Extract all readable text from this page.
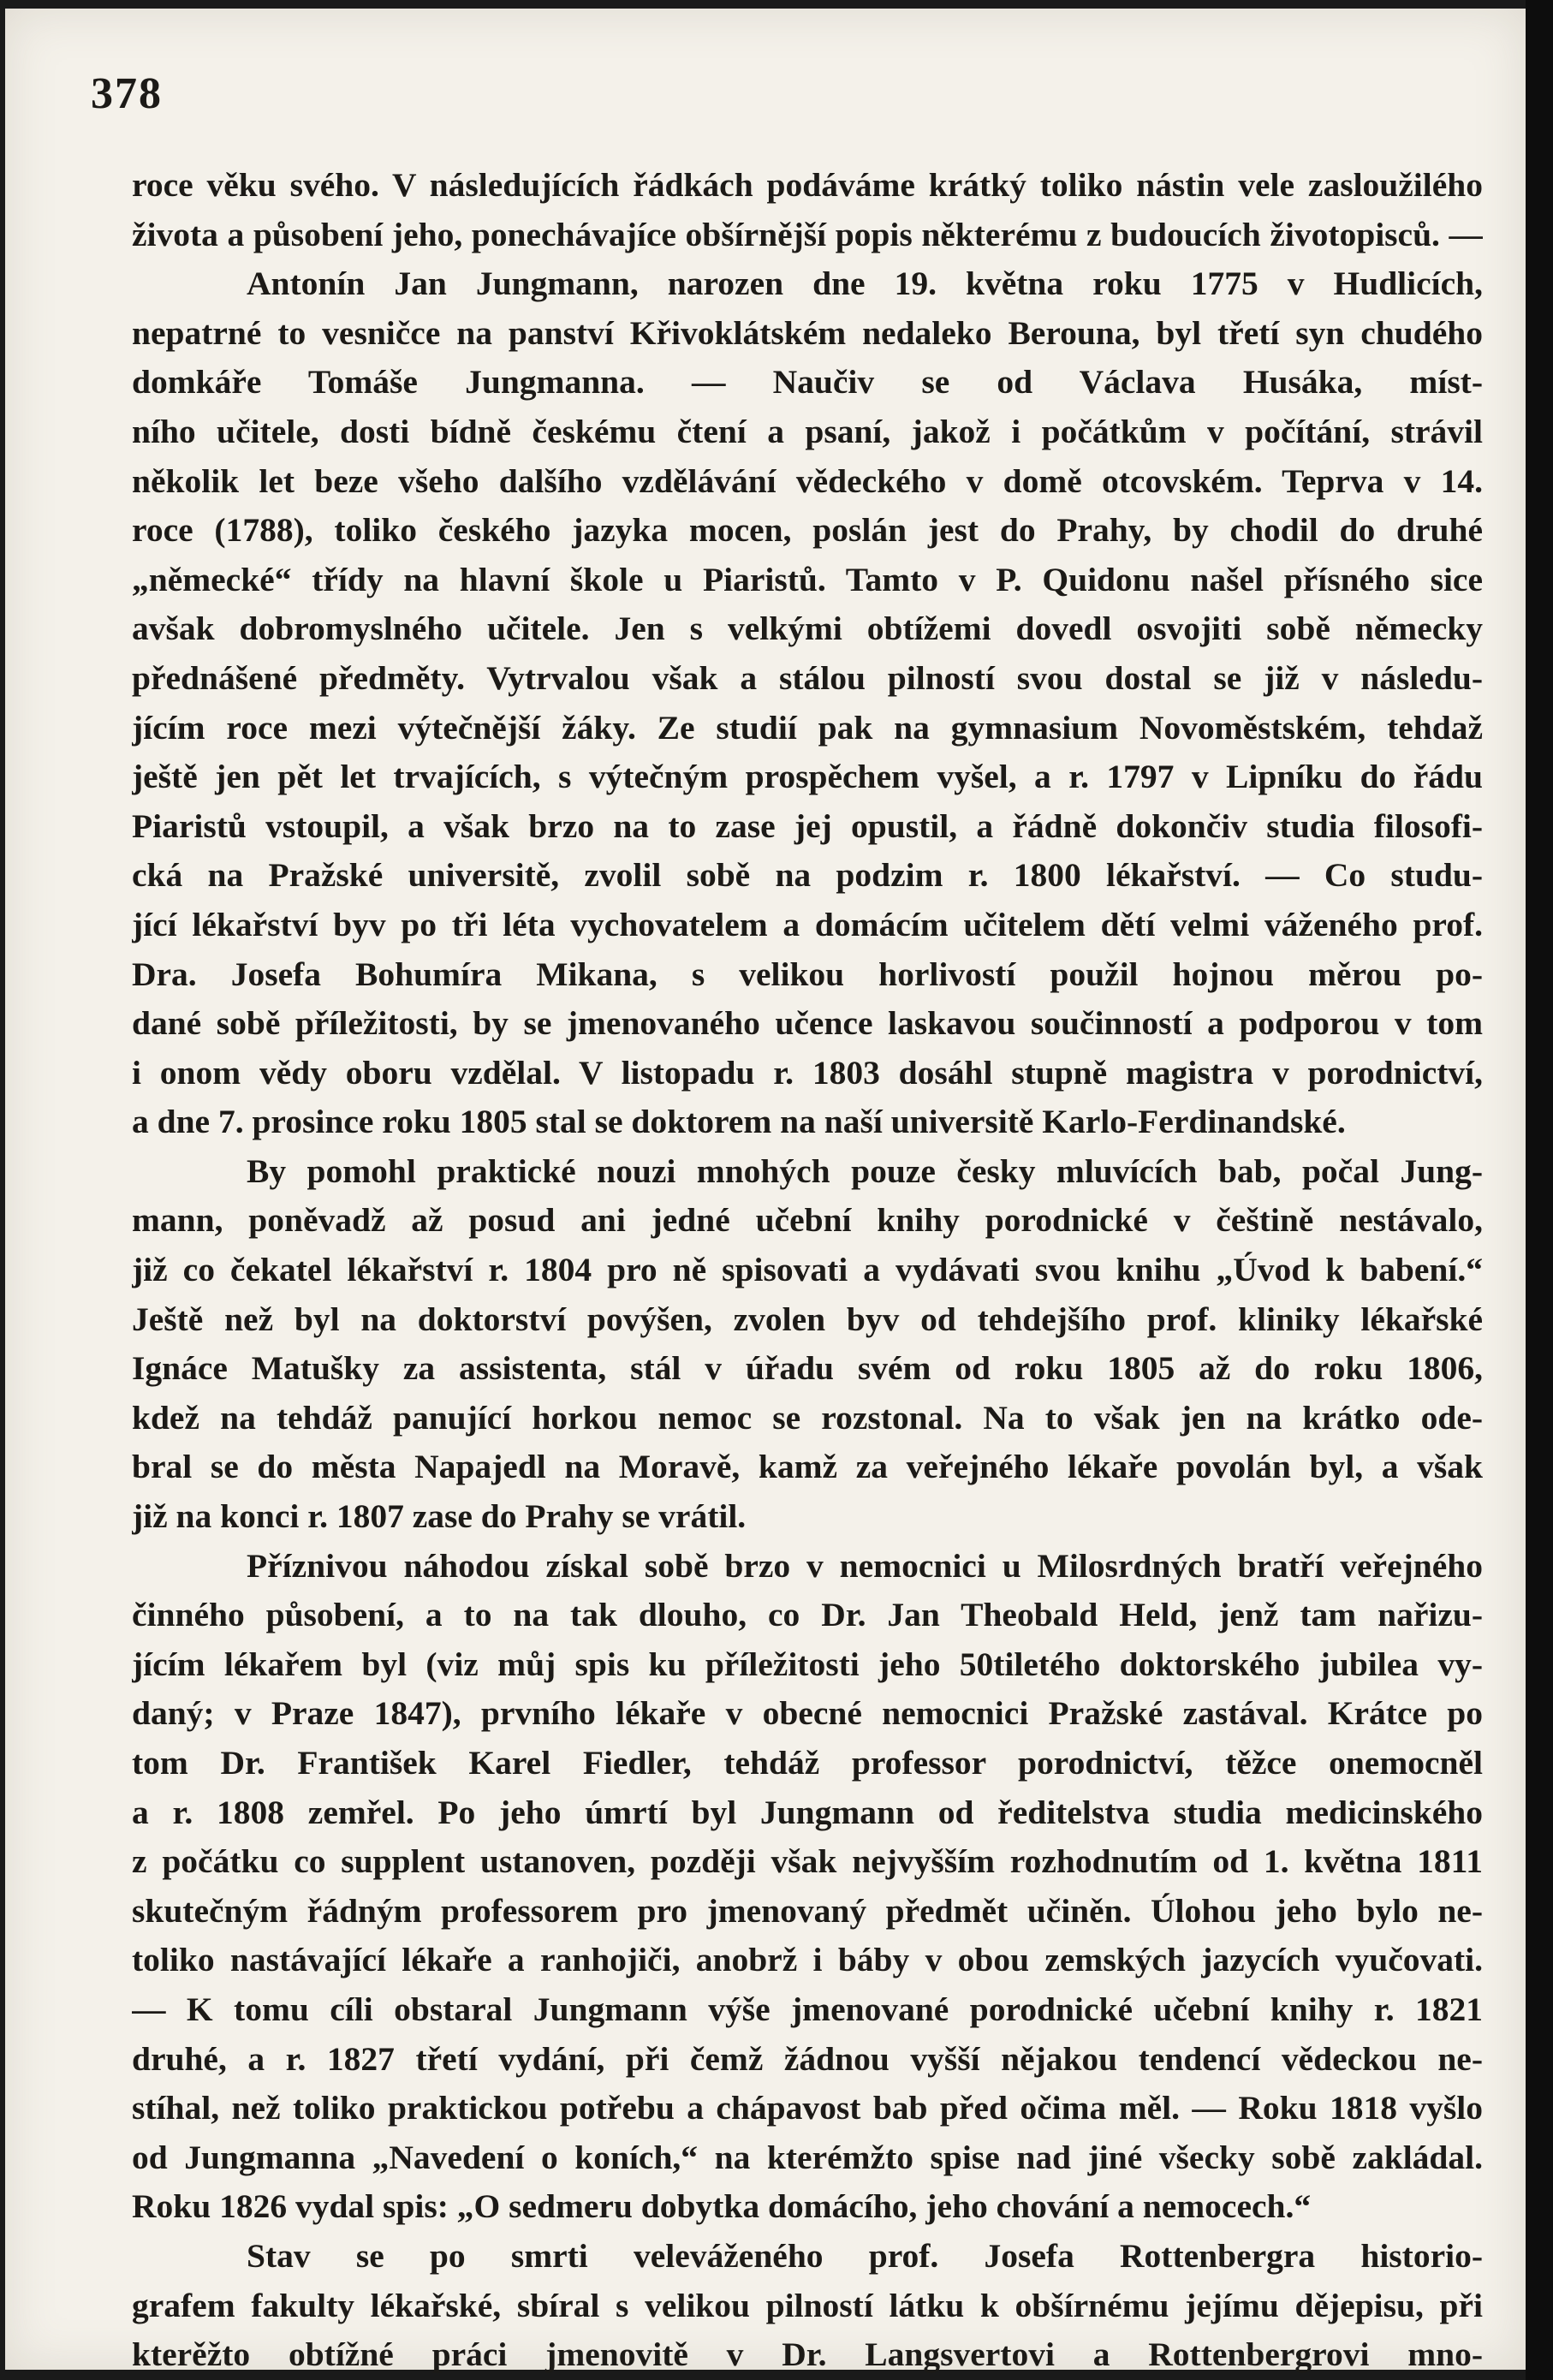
378
roce věku svého. V následujících řádkách podáváme krátký toliko nástin vele zasloužilého
života a působení jeho, ponechávajíce obšírnější popis některému z budoucích životopisců. —
Antonín Jan Jungmann, narozen dne 19. května roku 1775 v Hudlicích,
nepatrné to vesničce na panství Křivoklátském nedaleko Berouna, byl třetí syn chudého
domkáře Tomáše Jungmanna. — Naučiv se od Václava Husáka, míst-
ního učitele, dosti bídně českému čtení a psaní, jakož i počátkům v počítání, strávil
několik let beze všeho dalšího vzdělávání vědeckého v domě otcovském. Teprva v 14.
roce (1788), toliko českého jazyka mocen, poslán jest do Prahy, by chodil do druhé
„německé“ třídy na hlavní škole u Piaristů. Tamto v P. Quidonu našel přísného sice
avšak dobromyslného učitele. Jen s velkými obtížemi dovedl osvojiti sobě německy
přednášené předměty. Vytrvalou však a stálou pilností svou dostal se již v následu-
jícím roce mezi výtečnější žáky. Ze studií pak na gymnasium Novoměstském, tehdaž
ještě jen pět let trvajících, s výtečným prospěchem vyšel, a r. 1797 v Lipníku do řádu
Piaristů vstoupil, a však brzo na to zase jej opustil, a řádně dokončiv studia filosofi-
cká na Pražské universitě, zvolil sobě na podzim r. 1800 lékařství. — Co studu-
jící lékařství byv po tři léta vychovatelem a domácím učitelem dětí velmi váženého prof.
Dra. Josefa Bohumíra Mikana, s velikou horlivostí použil hojnou měrou po-
dané sobě příležitosti, by se jmenovaného učence laskavou součinností a podporou v tom
i onom vědy oboru vzdělal. V listopadu r. 1803 dosáhl stupně magistra v porodnictví,
a dne 7. prosince roku 1805 stal se doktorem na naší universitě Karlo-Ferdinandské.
By pomohl praktické nouzi mnohých pouze česky mluvících bab, počal Jung-
mann, poněvadž až posud ani jedné učební knihy porodnické v češtině nestávalo,
již co čekatel lékařství r. 1804 pro ně spisovati a vydávati svou knihu „Úvod k babení.“
Ještě než byl na doktorství povýšen, zvolen byv od tehdejšího prof. kliniky lékařské
Ignáce Matušky za assistenta, stál v úřadu svém od roku 1805 až do roku 1806,
kdež na tehdáž panující horkou nemoc se rozstonal. Na to však jen na krátko ode-
bral se do města Napajedl na Moravě, kamž za veřejného lékaře povolán byl, a však
již na konci r. 1807 zase do Prahy se vrátil.
Příznivou náhodou získal sobě brzo v nemocnici u Milosrdných bratří veřejného
činného působení, a to na tak dlouho, co Dr. Jan Theobald Held, jenž tam nařizu-
jícím lékařem byl (viz můj spis ku příležitosti jeho 50tiletého doktorského jubilea vy-
daný; v Praze 1847), prvního lékaře v obecné nemocnici Pražské zastával. Krátce po
tom Dr. František Karel Fiedler, tehdáž professor porodnictví, těžce onemocněl
a r. 1808 zemřel. Po jeho úmrtí byl Jungmann od ředitelstva studia medicinského
z počátku co supplent ustanoven, později však nejvyšším rozhodnutím od 1. května 1811
skutečným řádným professorem pro jmenovaný předmět učiněn. Úlohou jeho bylo ne-
toliko nastávající lékaře a ranhojiči, anobrž i báby v obou zemských jazycích vyučovati.
— K tomu cíli obstaral Jungmann výše jmenované porodnické učební knihy r. 1821
druhé, a r. 1827 třetí vydání, při čemž žádnou vyšší nějakou tendencí vědeckou ne-
stíhal, než toliko praktickou potřebu a chápavost bab před očima měl. — Roku 1818 vyšlo
od Jungmanna „Navedení o koních,“ na kterémžto spise nad jiné všecky sobě zakládal.
Roku 1826 vydal spis: „O sedmeru dobytka domácího, jeho chování a nemocech.“
Stav se po smrti veleváženého prof. Josefa Rottenbergra historio-
grafem fakulty lékařské, sbíral s velikou pilností látku k obšírnému jejímu dějepisu, při
kterěžto obtížné práci jmenovitě v Dr. Langsvertovi a Rottenbergrovi mno-
